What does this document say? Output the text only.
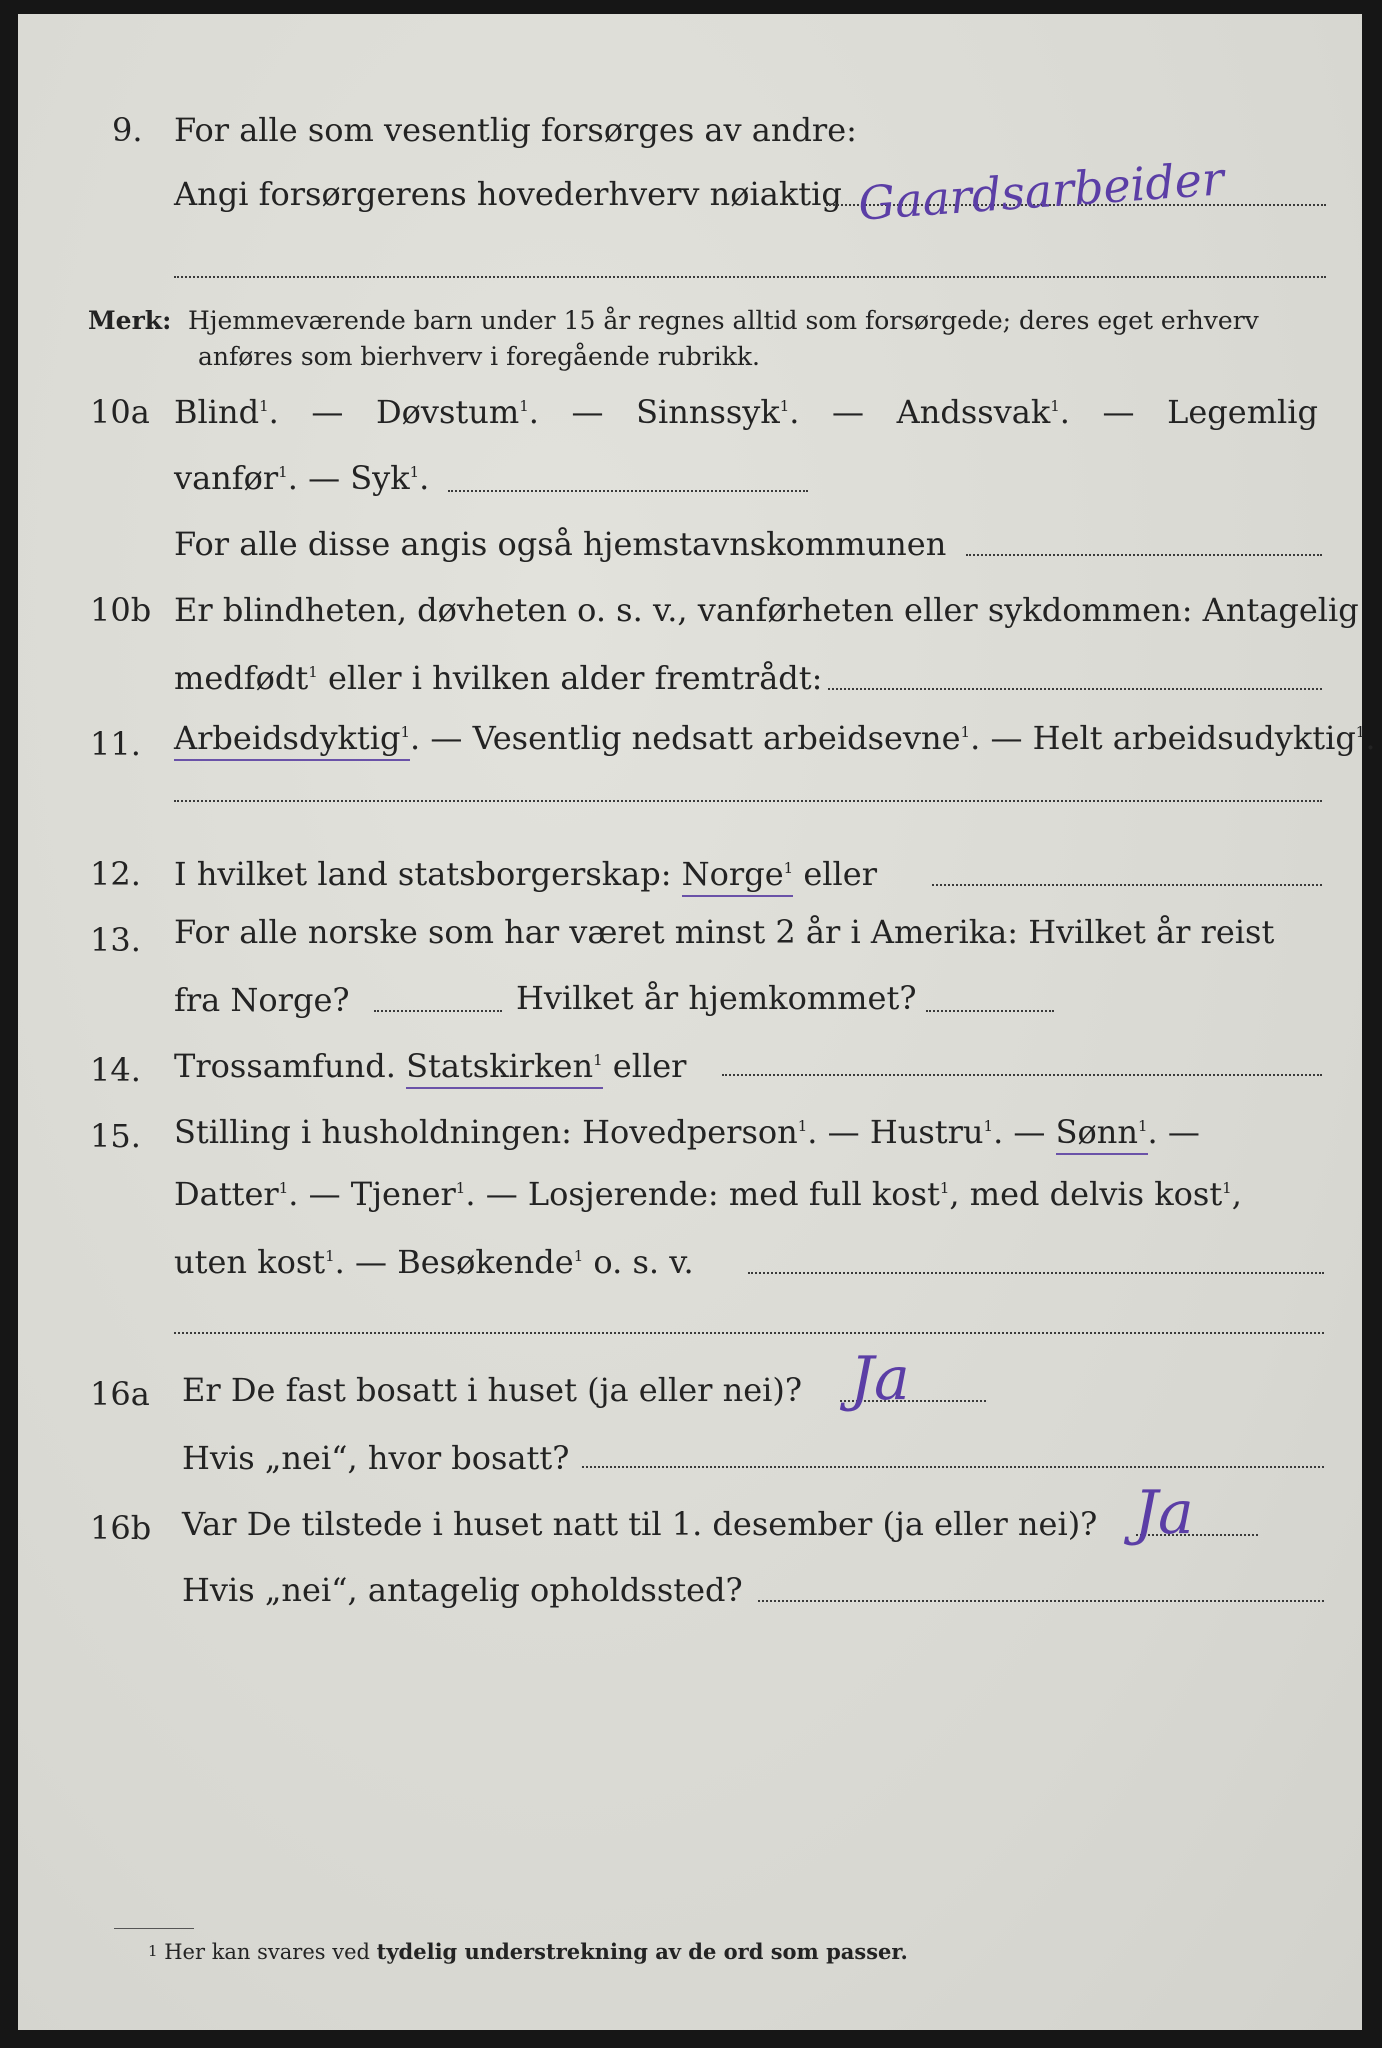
9. For alle som vesentlig forsørges av andre:
Angi forsørgerens hovederhverv nøiaktig Gaardsarbeider
Merk: Hjemmeværende barn under 15 år regnes alltid som forsørgede; deres eget erhverv
anføres som bierhverv i foregående rubrikk.
10a Blind$^1$. — Døvstum$^1$. — Sinnssyk$^1$. — Andssvak$^1$. — Legemlig
vanfør$^1$. — Syk$^1$.
For alle disse angis også hjemstavnskommunen
10b Er blindheten, døvheten o. s. v., vanførheten eller sykdommen: Antagelig
medfødt$^1$ eller i hvilken alder fremtrådt:
11. Arbeidsdyktig$^1$. — Vesentlig nedsatt arbeidsevne$^1$. — Helt arbeidsudyktig$^1$.
12. I hvilket land statsborgerskap: Norge$^1$ eller
13. For alle norske som har været minst 2 år i Amerika: Hvilket år reist
fra Norge?	Hvilket år hjemkommet?
14. Trossamfund. Statskirken$^1$ eller
15. Stilling i husholdningen: Hovedperson$^1$. — Hustru$^1$. — Sønn$^1$. —
Datter$^1$. — Tjener$^1$. — Losjerende: med full kost$^1$, med delvis kost$^1$,
uten kost$^1$. — Besøkende$^1$ o. s. v.
16a Er De fast bosatt i huset (ja eller nei)? Ja
Hvis „nei“, hvor bosatt?
16b Var De tilstede i huset natt til 1. desember (ja eller nei)? Ja
Hvis „nei“, antagelig opholdssted?
1 Her kan svares ved tydelig understrekning av de ord som passer.
